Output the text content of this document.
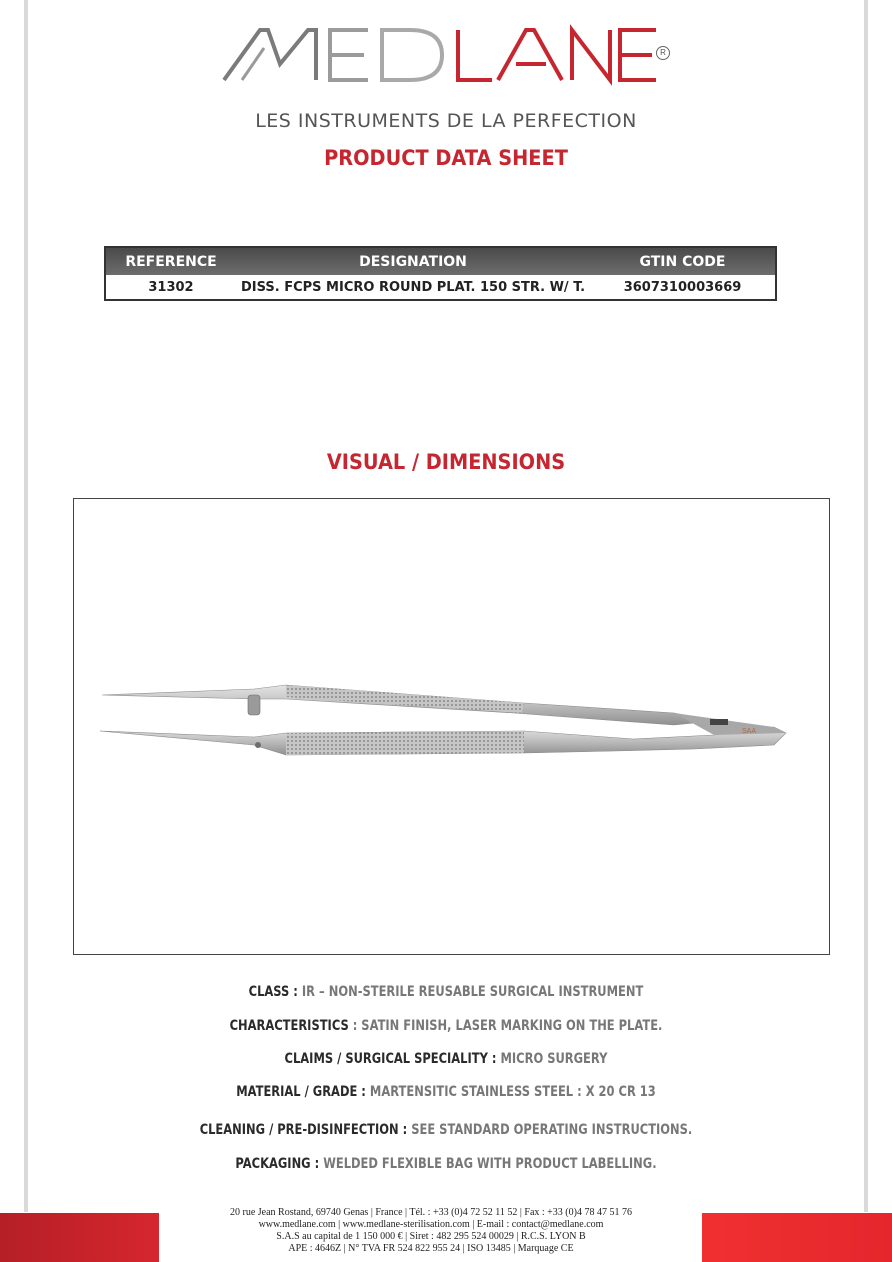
R
LES INSTRUMENTS DE LA PERFECTION
PRODUCT DATA SHEET
REFERENCE	DESIGNATION	GTIN CODE
31302	DISS. FCPS MICRO ROUND PLAT. 150 STR. W/ T.	3607310003669
VISUAL / DIMENSIONS
SAA
CLASS : IR – NON-STERILE REUSABLE SURGICAL INSTRUMENT
CHARACTERISTICS : SATIN FINISH, LASER MARKING ON THE PLATE.
CLAIMS / SURGICAL SPECIALITY : MICRO SURGERY
MATERIAL / GRADE : MARTENSITIC STAINLESS STEEL : X 20 CR 13
CLEANING / PRE-DISINFECTION : SEE STANDARD OPERATING INSTRUCTIONS.
PACKAGING : WELDED FLEXIBLE BAG WITH PRODUCT LABELLING.
20 rue Jean Rostand, 69740 Genas | France | Tél. : +33 (0)4 72 52 11 52 | Fax : +33 (0)4 78 47 51 76
www.medlane.com | www.medlane-sterilisation.com | E-mail : contact@medlane.com
S.A.S au capital de 1 150 000 € | Siret : 482 295 524 00029 | R.C.S. LYON B
APE : 4646Z | N° TVA FR 524 822 955 24 | ISO 13485 | Marquage CE
